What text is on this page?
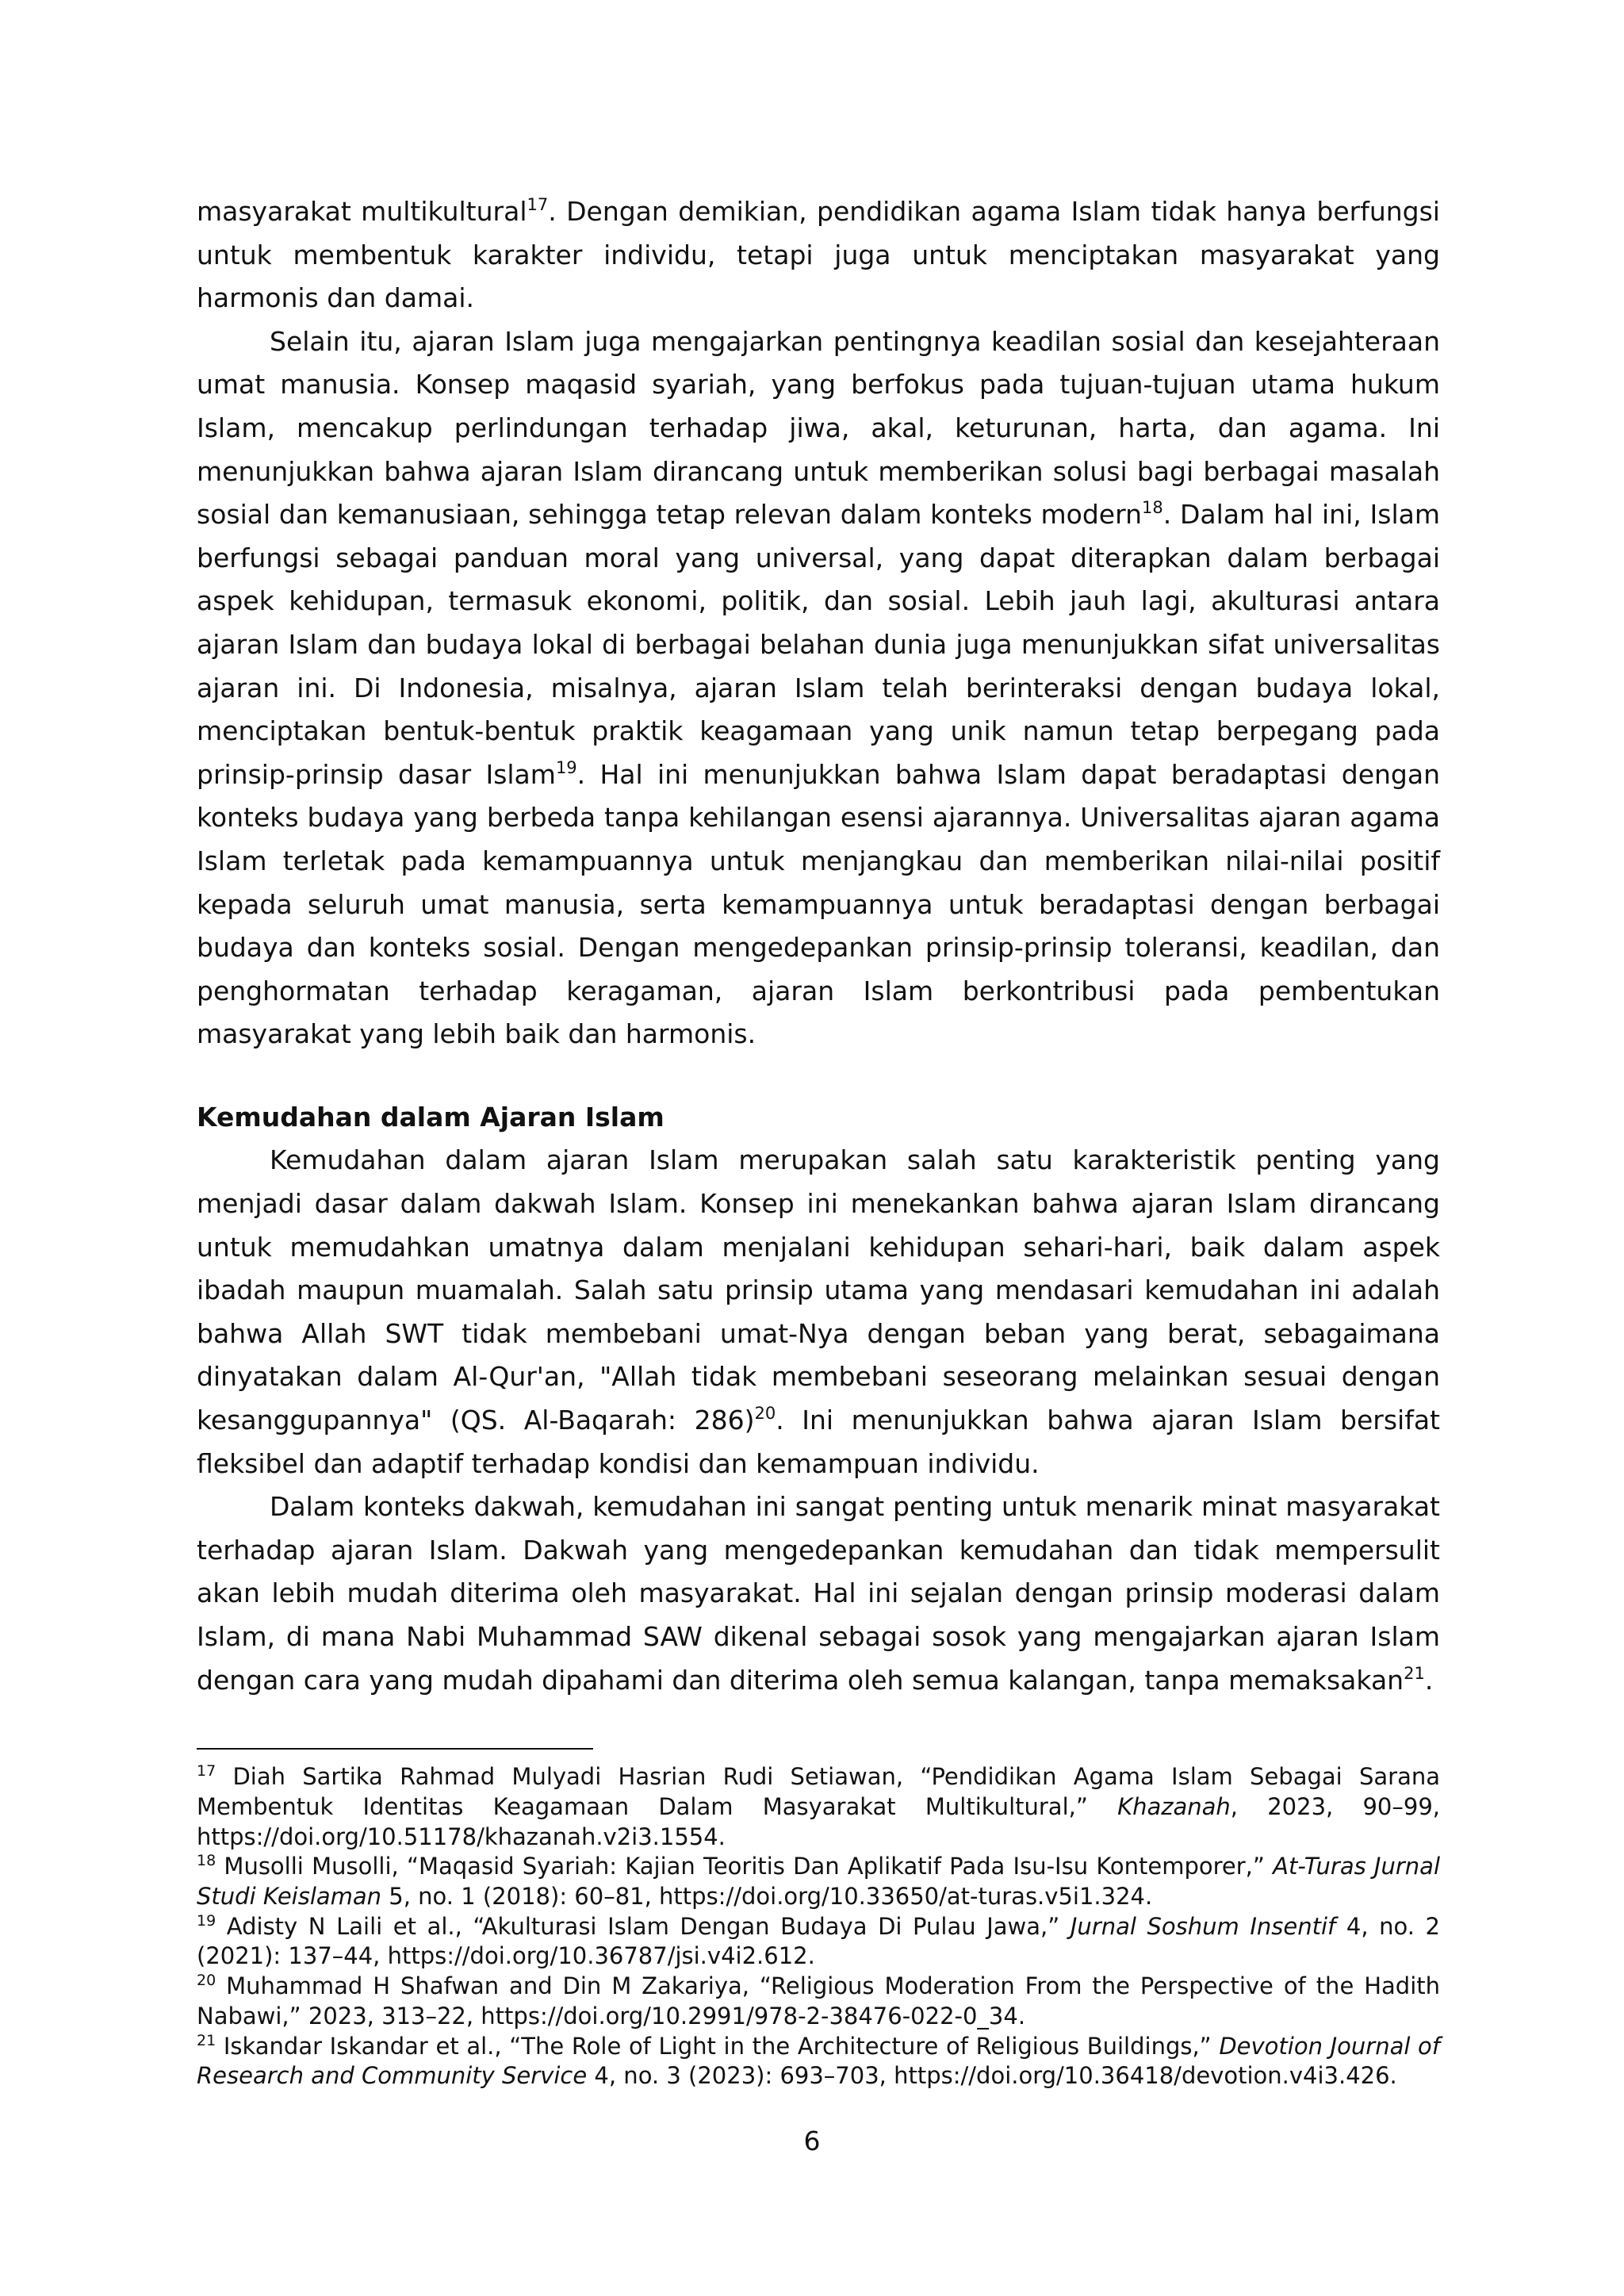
masyarakat multikultural$^{17}$. Dengan demikian, pendidikan agama Islam tidak hanya berfungsi untuk membentuk karakter individu, tetapi juga untuk menciptakan masyarakat yang harmonis dan damai.

Selain itu, ajaran Islam juga mengajarkan pentingnya keadilan sosial dan kesejahteraan umat manusia. Konsep maqasid syariah, yang berfokus pada tujuan-tujuan utama hukum Islam, mencakup perlindungan terhadap jiwa, akal, keturunan, harta, dan agama. Ini menunjukkan bahwa ajaran Islam dirancang untuk memberikan solusi bagi berbagai masalah sosial dan kemanusiaan, sehingga tetap relevan dalam konteks modern$^{18}$. Dalam hal ini, Islam berfungsi sebagai panduan moral yang universal, yang dapat diterapkan dalam berbagai aspek kehidupan, termasuk ekonomi, politik, dan sosial. Lebih jauh lagi, akulturasi antara ajaran Islam dan budaya lokal di berbagai belahan dunia juga menunjukkan sifat universalitas ajaran ini. Di Indonesia, misalnya, ajaran Islam telah berinteraksi dengan budaya lokal, menciptakan bentuk-bentuk praktik keagamaan yang unik namun tetap berpegang pada prinsip-prinsip dasar Islam$^{19}$. Hal ini menunjukkan bahwa Islam dapat beradaptasi dengan konteks budaya yang berbeda tanpa kehilangan esensi ajarannya. Universalitas ajaran agama Islam terletak pada kemampuannya untuk menjangkau dan memberikan nilai-nilai positif kepada seluruh umat manusia, serta kemampuannya untuk beradaptasi dengan berbagai budaya dan konteks sosial. Dengan mengedepankan prinsip-prinsip toleransi, keadilan, dan penghormatan terhadap keragaman, ajaran Islam berkontribusi pada pembentukan masyarakat yang lebih baik dan harmonis.

Kemudahan dalam Ajaran Islam

Kemudahan dalam ajaran Islam merupakan salah satu karakteristik penting yang menjadi dasar dalam dakwah Islam. Konsep ini menekankan bahwa ajaran Islam dirancang untuk memudahkan umatnya dalam menjalani kehidupan sehari-hari, baik dalam aspek ibadah maupun muamalah. Salah satu prinsip utama yang mendasari kemudahan ini adalah bahwa Allah SWT tidak membebani umat-Nya dengan beban yang berat, sebagaimana dinyatakan dalam Al-Qur'an, "Allah tidak membebani seseorang melainkan sesuai dengan kesanggupannya" (QS. Al-Baqarah: 286)$^{20}$. Ini menunjukkan bahwa ajaran Islam bersifat fleksibel dan adaptif terhadap kondisi dan kemampuan individu.

Dalam konteks dakwah, kemudahan ini sangat penting untuk menarik minat masyarakat terhadap ajaran Islam. Dakwah yang mengedepankan kemudahan dan tidak mempersulit akan lebih mudah diterima oleh masyarakat. Hal ini sejalan dengan prinsip moderasi dalam Islam, di mana Nabi Muhammad SAW dikenal sebagai sosok yang mengajarkan ajaran Islam dengan cara yang mudah dipahami dan diterima oleh semua kalangan, tanpa memaksakan$^{21}$.

$^{17}$ Diah Sartika Rahmad Mulyadi Hasrian Rudi Setiawan, “Pendidikan Agama Islam Sebagai Sarana Membentuk Identitas Keagamaan Dalam Masyarakat Multikultural,” Khazanah, 2023, 90–99, https://doi.org/10.51178/khazanah.v2i3.1554.

$^{18}$ Musolli Musolli, “Maqasid Syariah: Kajian Teoritis Dan Aplikatif Pada Isu-Isu Kontemporer,” At-Turas Jurnal Studi Keislaman 5, no. 1 (2018): 60–81, https://doi.org/10.33650/at-turas.v5i1.324.

$^{19}$ Adisty N Laili et al., “Akulturasi Islam Dengan Budaya Di Pulau Jawa,” Jurnal Soshum Insentif 4, no. 2 (2021): 137–44, https://doi.org/10.36787/jsi.v4i2.612.

$^{20}$ Muhammad H Shafwan and Din M Zakariya, “Religious Moderation From the Perspective of the Hadith Nabawi,” 2023, 313–22, https://doi.org/10.2991/978-2-38476-022-0_34.

$^{21}$ Iskandar Iskandar et al., “The Role of Light in the Architecture of Religious Buildings,” Devotion Journal of Research and Community Service 4, no. 3 (2023): 693–703, https://doi.org/10.36418/devotion.v4i3.426.

6
